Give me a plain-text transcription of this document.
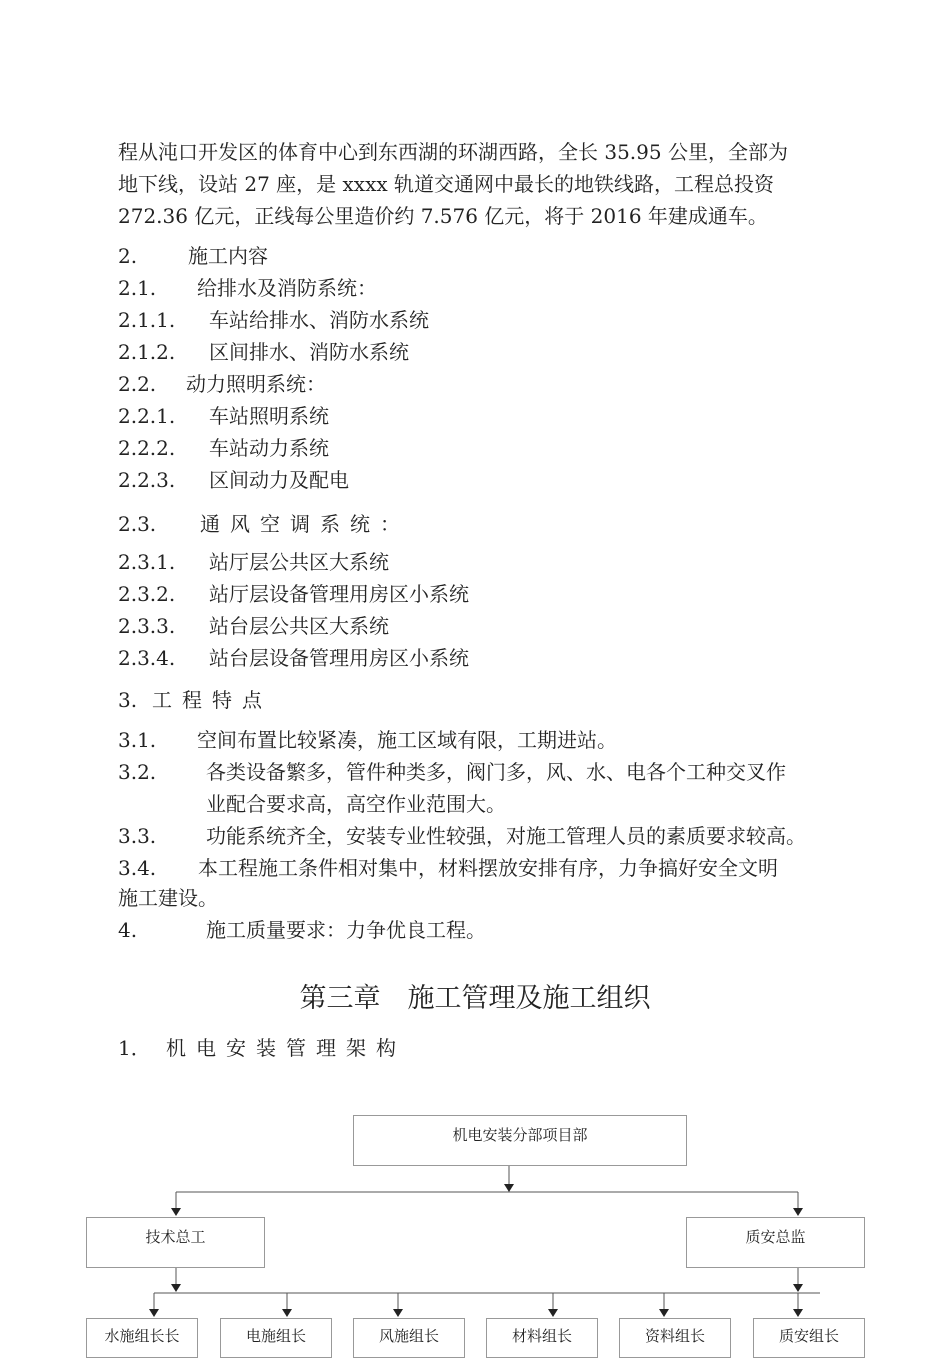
程从沌口开发区的体育中心到东西湖的环湖西路，全长 35.95 公里，全部为

地下线，设站 27 座，是 xxxx 轨道交通网中最长的地铁线路，工程总投资

272.36 亿元，正线每公里造价约 7.576 亿元，将于 2016 年建成通车。

2.	施工内容

2.1. 给排水及消防系统：

2.1.1. 车站给排水、消防水系统

2.1.2. 区间排水、消防水系统

2.2. 动力照明系统：

2.2.1. 车站照明系统

2.2.2. 车站动力系统

2.2.3. 区间动力及配电

2.3. 通风空调系统：

2.3.1. 站厅层公共区大系统

2.3.2. 站厅层设备管理用房区小系统

2.3.3. 站台层公共区大系统

2.3.4. 站台层设备管理用房区小系统

3. 工程特点

3.1. 空间布置比较紧凑，施工区域有限，工期进站。

3.2. 各类设备繁多，管件种类多，阀门多，风、水、电各个工种交叉作

业配合要求高，高空作业范围大。

3.3. 功能系统齐全，安装专业性较强，对施工管理人员的素质要求较高。

3.4. 本工程施工条件相对集中，材料摆放安排有序，力争搞好安全文明

施工建设。

4.	施工质量要求：力争优良工程。

第三章　施工管理及施工组织

1． 机电安装管理架构

机电安装分部项目部
技术总工	质安总监
水施组长长	电施组长	风施组长	材料组长	资料组长	质安组长
